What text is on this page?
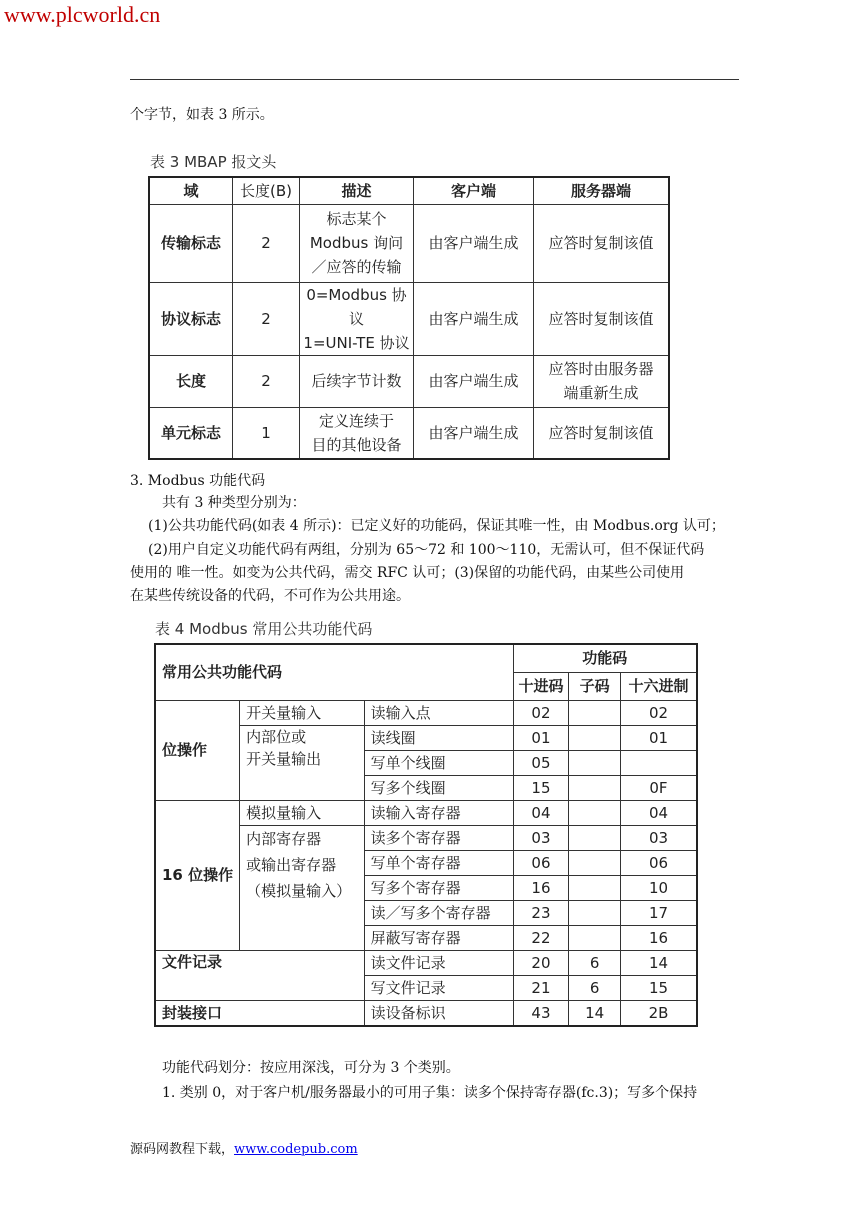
www.plcworld.cn
个字节，如表 3 所示。
表 3 MBAP 报文头
域	长度(B)	描述	客户端	服务器端
传输标志	2	标志某个
Modbus 询问
／应答的传输	由客户端生成	应答时复制该值
协议标志	2	0=Modbus 协议
1=UNI-TE 协议	由客户端生成	应答时复制该值
长度	2	后续字节计数	由客户端生成	应答时由服务器
端重新生成
单元标志	1	定义连续于
目的其他设备	由客户端生成	应答时复制该值
3. Modbus 功能代码
共有 3 种类型分别为：
(1)公共功能代码(如表 4 所示)：已定义好的功能码，保证其唯一性，由 Modbus.org 认可；
(2)用户自定义功能代码有两组，分别为 65～72 和 100～110，无需认可，但不保证代码
使用的 唯一性。如变为公共代码，需交 RFC 认可；(3)保留的功能代码，由某些公司使用
在某些传统设备的代码，不可作为公共用途。
表 4 Modbus 常用公共功能代码
常用公共功能代码			功能码		
			十进码	子码	十六进制
位操作	开关量输入	读输入点	02		02
	内部位或
开关量输出	读线圈	01		01
		写单个线圈	05		
		写多个线圈	15		0F
16 位操作	模拟量输入	读输入寄存器	04		04
	内部寄存器
或输出寄存器
（模拟量输入）	读多个寄存器	03		03
		写单个寄存器	06		06
		写多个寄存器	16		10
		读／写多个寄存器	23		17
		屏蔽写寄存器	22		16
文件记录		读文件记录	20	6	14
		写文件记录	21	6	15
封装接口		读设备标识	43	14	2B
功能代码划分：按应用深浅，可分为 3 个类别。
1. 类别 0，对于客户机/服务器最小的可用子集：读多个保持寄存器(fc.3)；写多个保持
源码网教程下载，www.codepub.com
